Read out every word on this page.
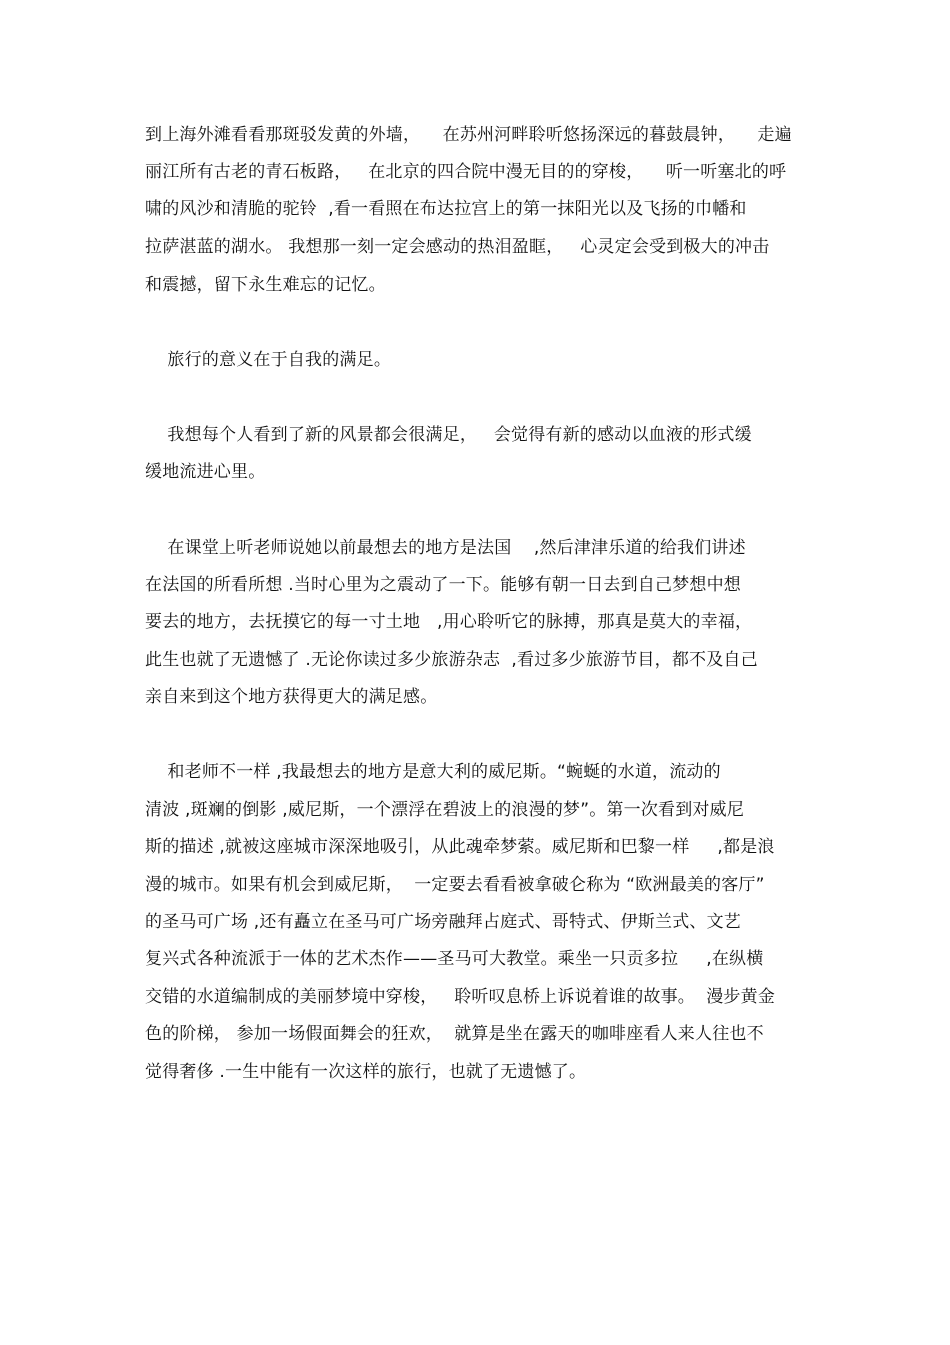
到上海外滩看看那斑驳发黄的外墙，    在苏州河畔聆听悠扬深远的暮鼓晨钟，    走遍
丽江所有古老的青石板路，   在北京的四合院中漫无目的的穿梭，    听一听塞北的呼
啸的风沙和清脆的驼铃  ,看一看照在布达拉宫上的第一抹阳光以及飞扬的巾幡和
拉萨湛蓝的湖水。 我想那一刻一定会感动的热泪盈眶，   心灵定会受到极大的冲击
和震撼，留下永生难忘的记忆。
旅行的意义在于自我的满足。
我想每个人看到了新的风景都会很满足，   会觉得有新的感动以血液的形式缓
缓地流进心里。
在课堂上听老师说她以前最想去的地方是法国    ,然后津津乐道的给我们讲述
在法国的所看所想 .当时心里为之震动了一下。能够有朝一日去到自己梦想中想
要去的地方，去抚摸它的每一寸土地   ,用心聆听它的脉搏，那真是莫大的幸福，
此生也就了无遗憾了 .无论你读过多少旅游杂志  ,看过多少旅游节目，都不及自己
亲自来到这个地方获得更大的满足感。
和老师不一样 ,我最想去的地方是意大利的威尼斯。“蜿蜒的水道，流动的
清波 ,斑斓的倒影 ,威尼斯，一个漂浮在碧波上的浪漫的梦”。第一次看到对威尼
斯的描述 ,就被这座城市深深地吸引，从此魂牵梦萦。威尼斯和巴黎一样     ,都是浪
漫的城市。如果有机会到威尼斯，  一定要去看看被拿破仑称为 “欧洲最美的客厅”
的圣马可广场 ,还有矗立在圣马可广场旁融拜占庭式、哥特式、伊斯兰式、文艺
复兴式各种流派于一体的艺术杰作——圣马可大教堂。乘坐一只贡多拉     ,在纵横
交错的水道编制成的美丽梦境中穿梭，   聆听叹息桥上诉说着谁的故事。  漫步黄金
色的阶梯， 参加一场假面舞会的狂欢，  就算是坐在露天的咖啡座看人来人往也不
觉得奢侈 .一生中能有一次这样的旅行，也就了无遗憾了。
